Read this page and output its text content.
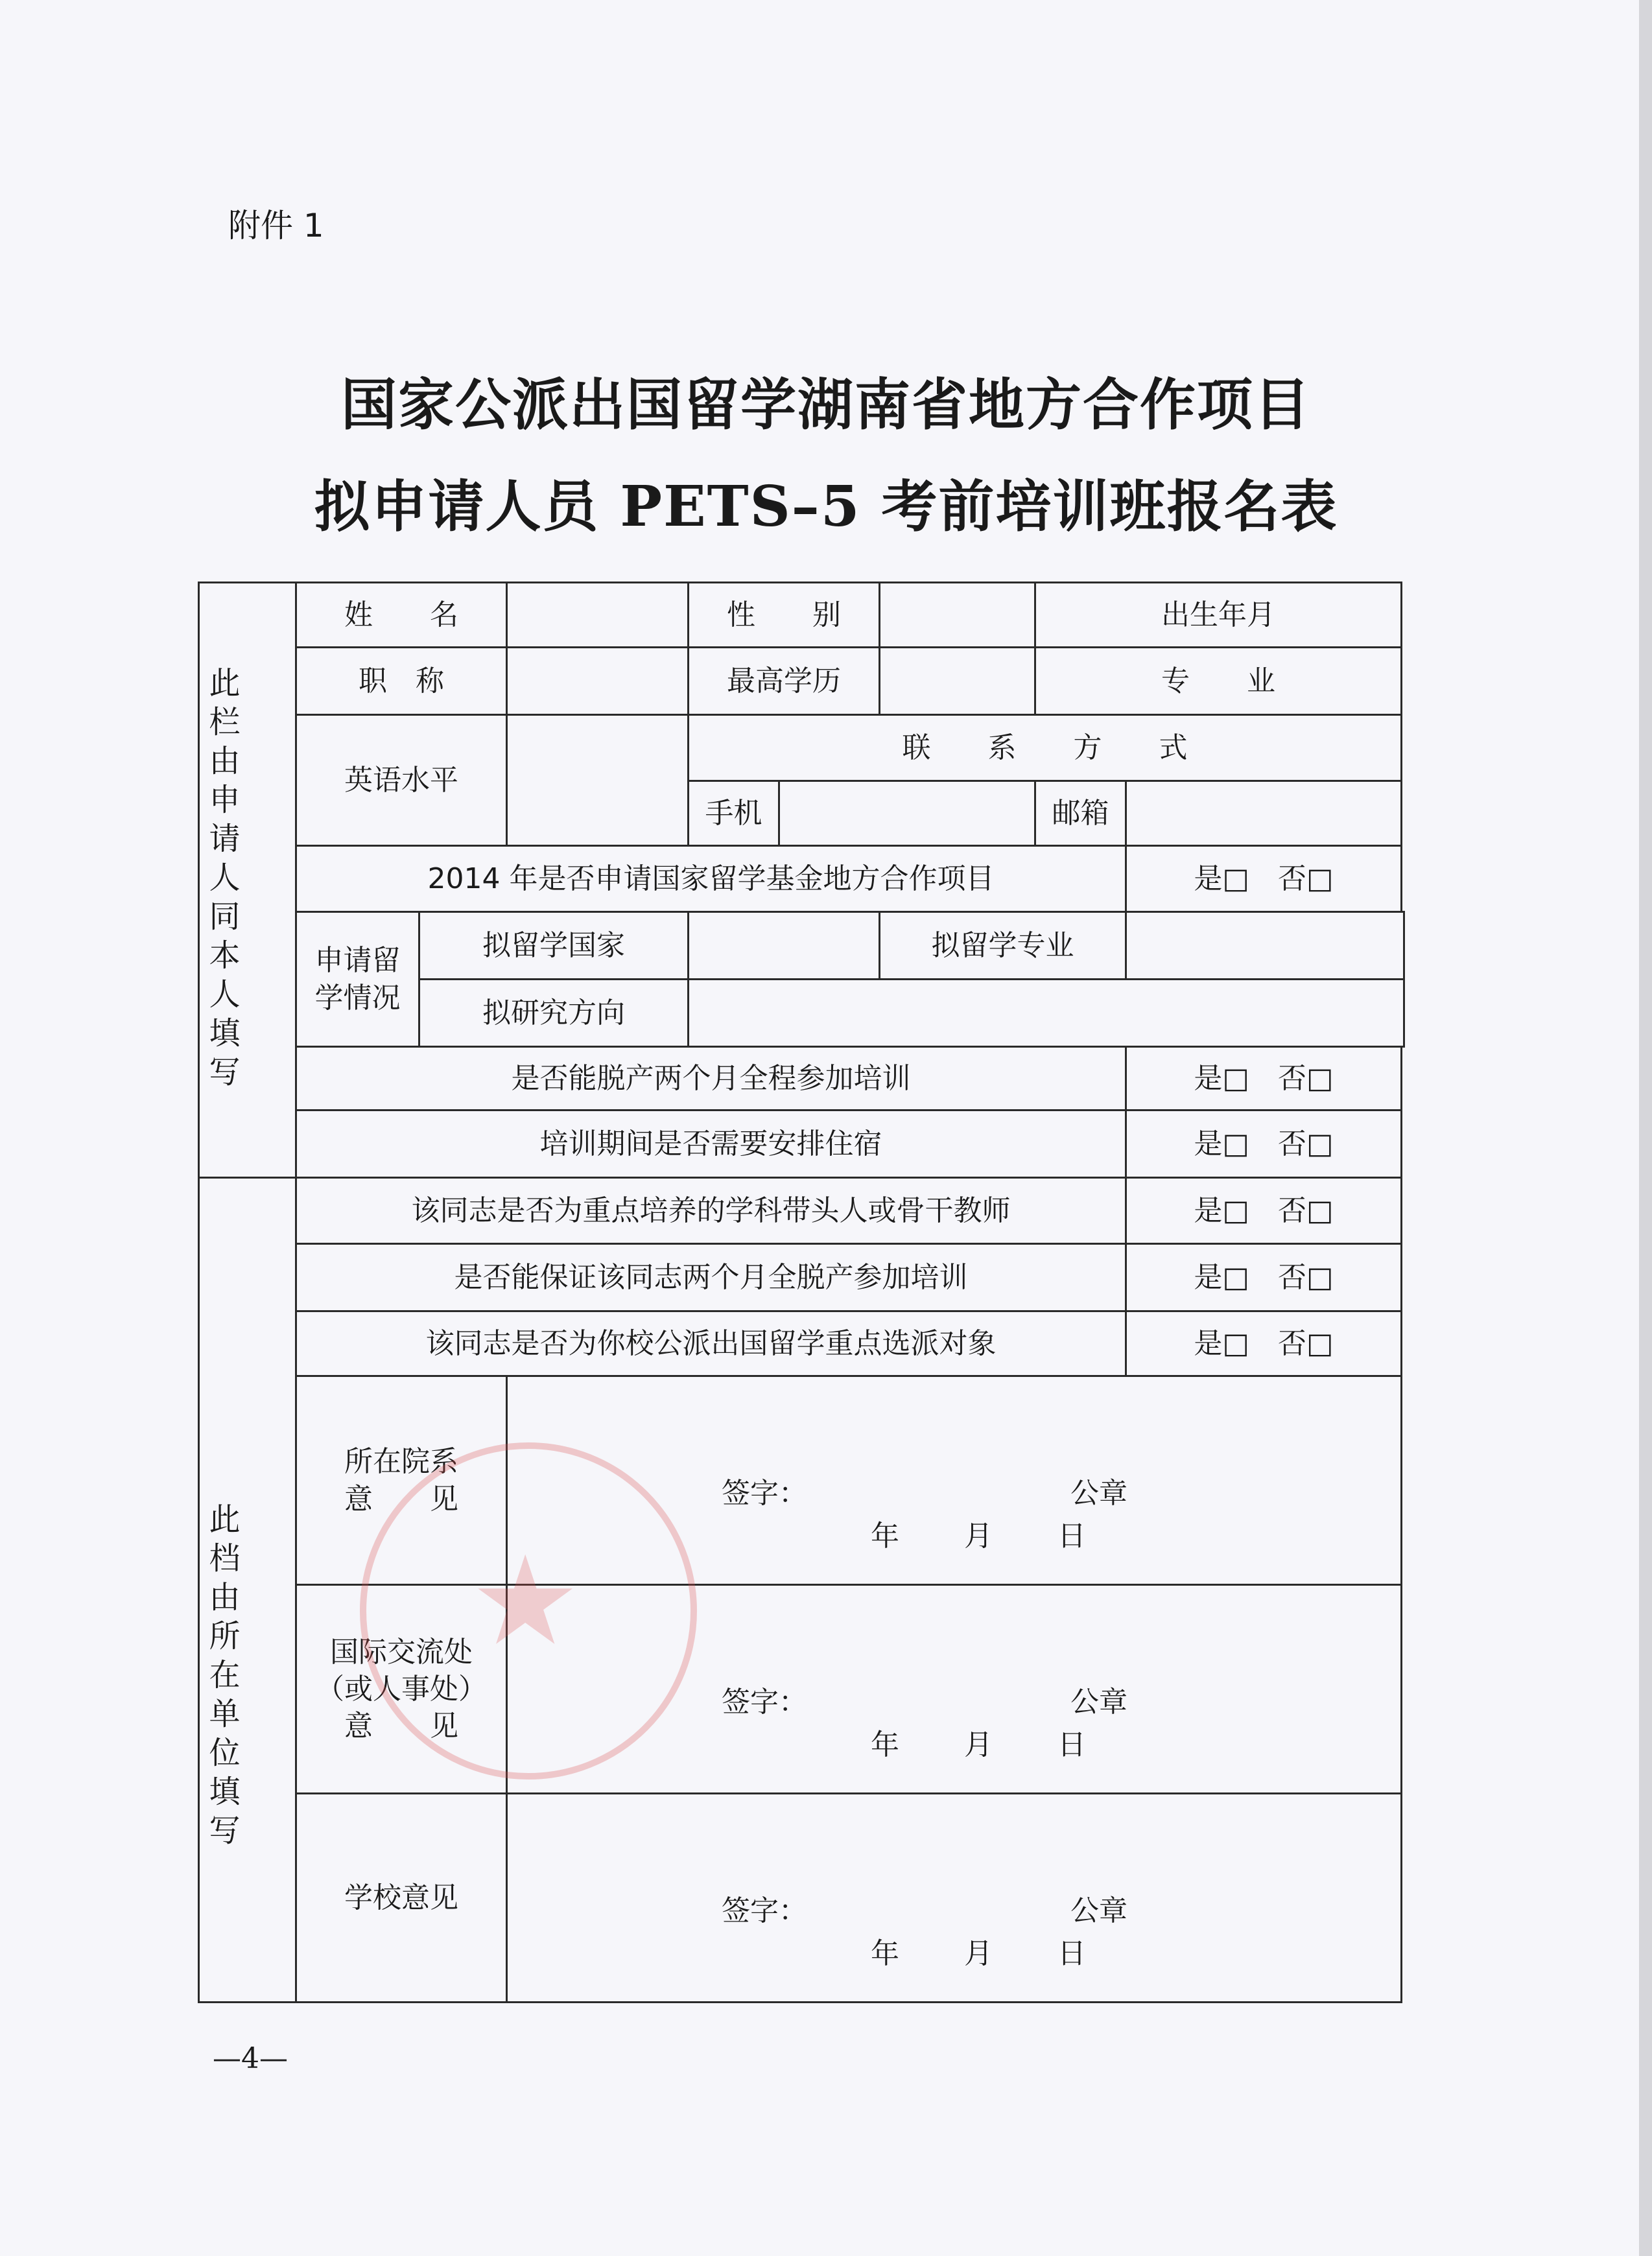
附件 1
国家公派出国留学湖南省地方合作项目
拟申请人员 PETS–5 考前培训班报名表
此栏由申请人同本人填写	姓　　名			性　　别			出生年月	
	职　称			最高学历			专　　业	
	英语水平			联　　系　　方　　式				
				手机			邮箱	
	2014 年是否申请国家留学基金地方合作项目							是□　否□
	申请留学情况	拟留学国家				拟留学专业		
		拟研究方向						
	是否能脱产两个月全程参加培训							是□　否□
	培训期间是否需要安排住宿							是□　否□

此档由所在单位填写	该同志是否为重点培养的学科带头人或骨干教师							是□　否□
	是否能保证该同志两个月全脱产参加培训							是□　否□
	该同志是否为你校公派出国留学重点选派对象							是□　否□
	所在院系
意　　见		签字： 公章
年 月 日					

	国际交流处
（或人事处）
意　　见		签字： 公章
年 月 日					

	学校意见		签字： 公章
年 月 日					
★
—4—
